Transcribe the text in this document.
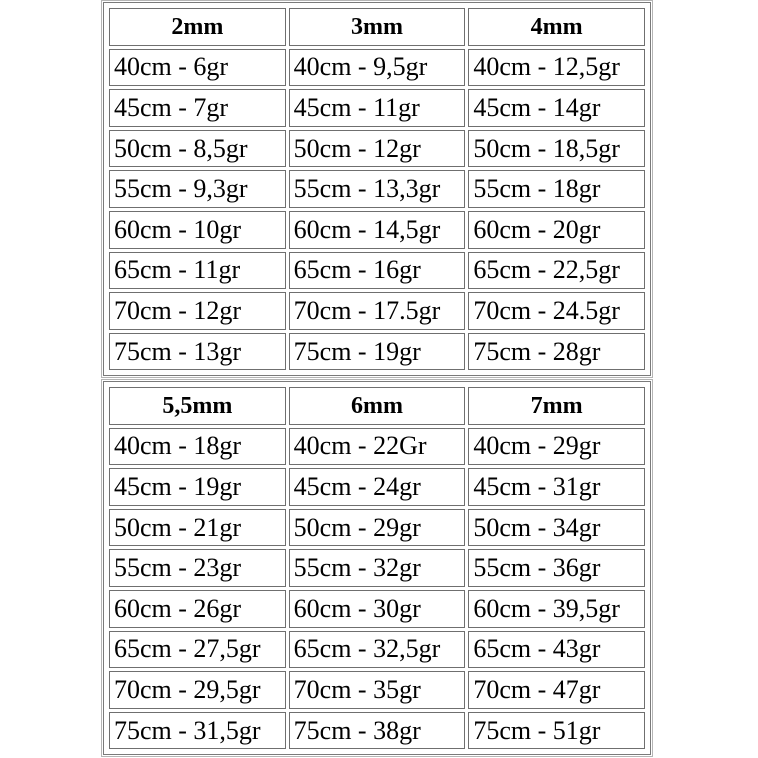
2mm	3mm	4mm
40cm - 6gr	40cm - 9,5gr	40cm - 12,5gr
45cm - 7gr	45cm - 11gr	45cm - 14gr
50cm - 8,5gr	50cm - 12gr	50cm - 18,5gr
55cm - 9,3gr	55cm - 13,3gr	55cm - 18gr
60cm - 10gr	60cm - 14,5gr	60cm - 20gr
65cm - 11gr	65cm - 16gr	65cm - 22,5gr
70cm - 12gr	70cm - 17.5gr	70cm - 24.5gr
75cm - 13gr	75cm - 19gr	75cm - 28gr
5,5mm	6mm	7mm
40cm - 18gr	40cm - 22Gr	40cm - 29gr
45cm - 19gr	45cm - 24gr	45cm - 31gr
50cm - 21gr	50cm - 29gr	50cm - 34gr
55cm - 23gr	55cm - 32gr	55cm - 36gr
60cm - 26gr	60cm - 30gr	60cm - 39,5gr
65cm - 27,5gr	65cm - 32,5gr	65cm - 43gr
70cm - 29,5gr	70cm - 35gr	70cm - 47gr
75cm - 31,5gr	75cm - 38gr	75cm - 51gr
